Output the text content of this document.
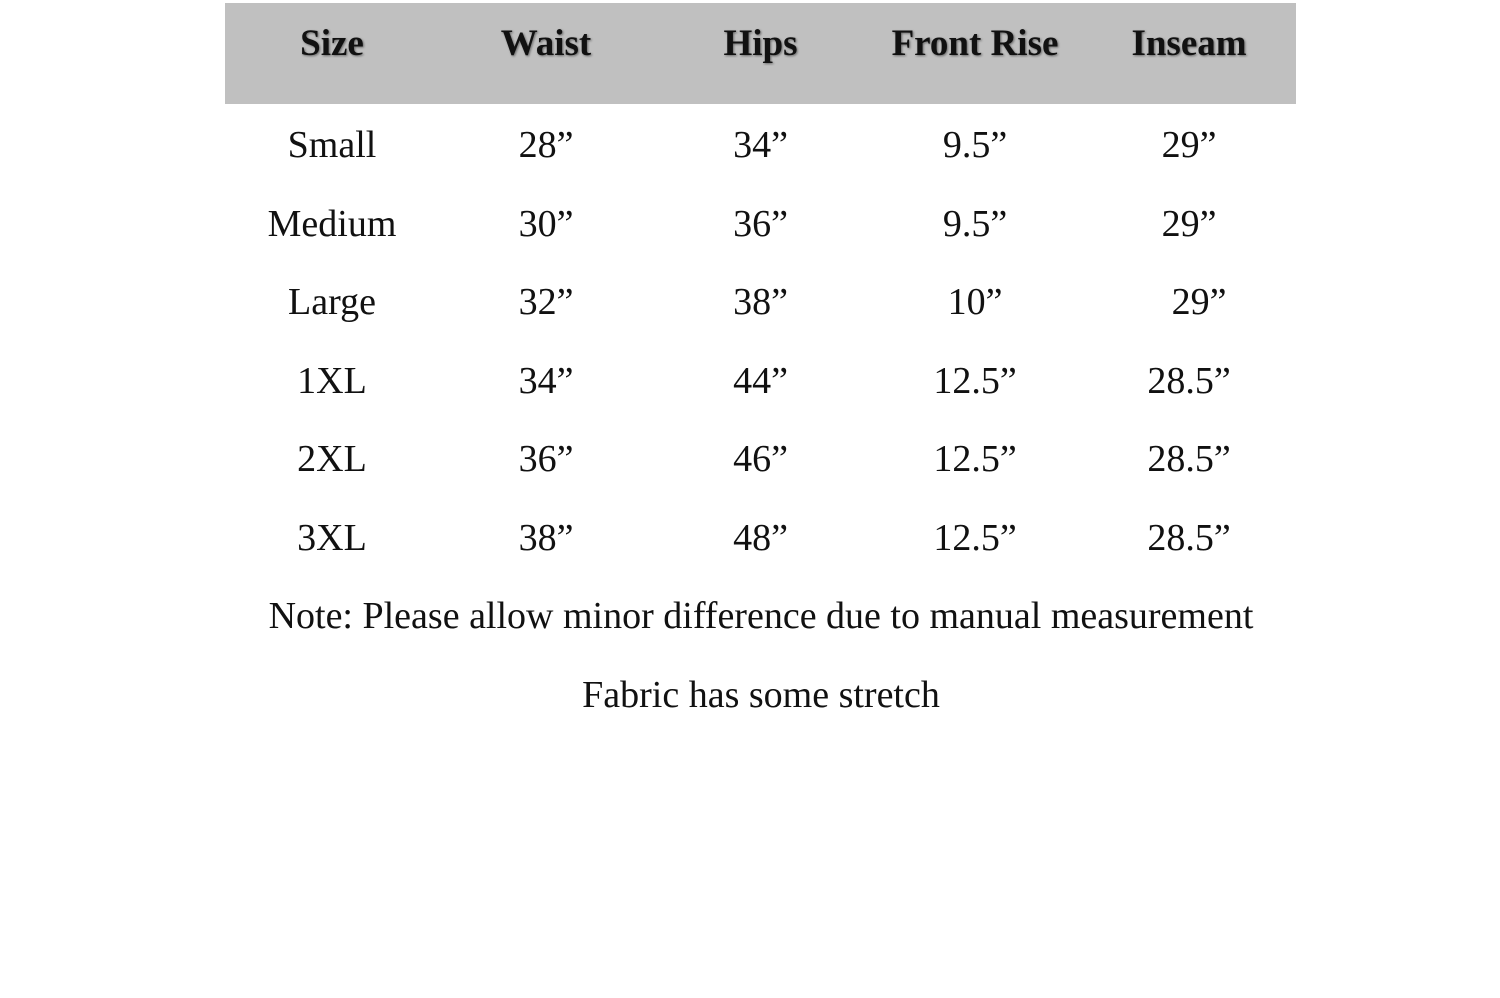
Size	Waist	Hips	Front Rise	Inseam
Small	28”	34”	9.5”	29”
Medium	30”	36”	9.5”	29”
Large	32”	38”	10”	29”
1XL	34”	44”	12.5”	28.5”
2XL	36”	46”	12.5”	28.5”
3XL	38”	48”	12.5”	28.5”
Note: Please allow minor difference due to manual measurement
Fabric has some stretch
